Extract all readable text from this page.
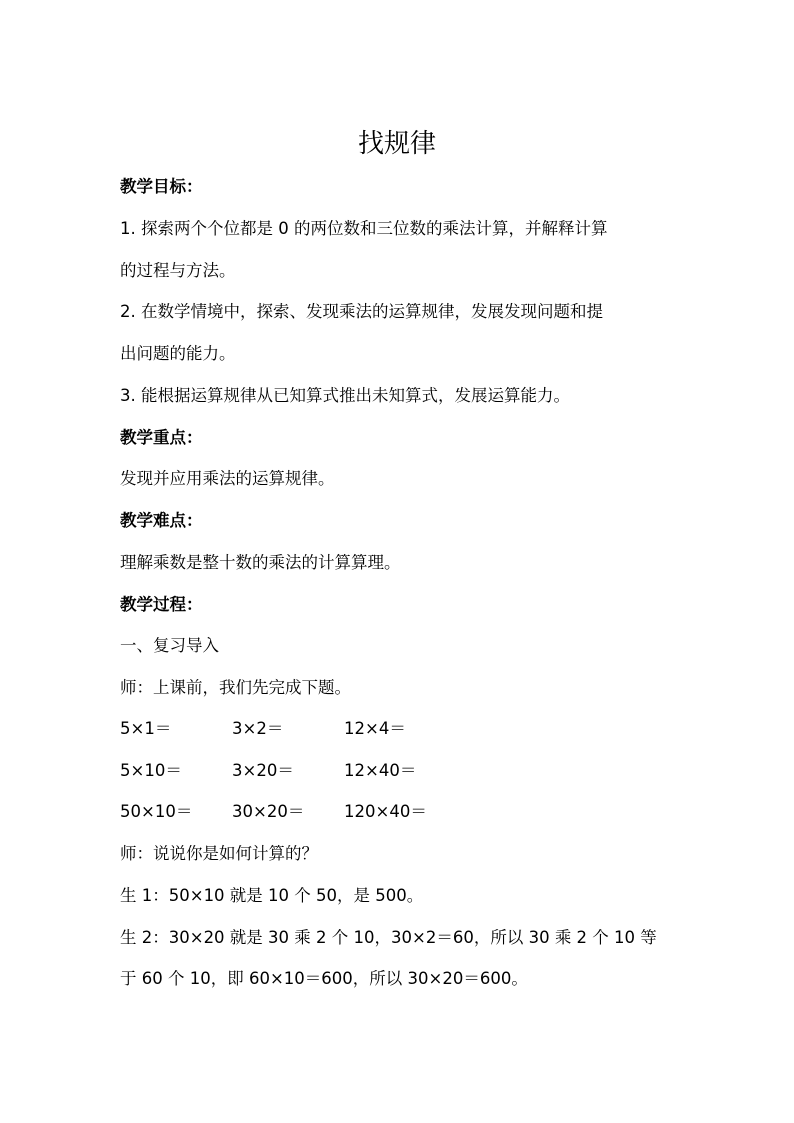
找规律
教学目标：
1. 探索两个个位都是 0 的两位数和三位数的乘法计算，并解释计算
的过程与方法。
2. 在数学情境中，探索、发现乘法的运算规律，发展发现问题和提
出问题的能力。
3. 能根据运算规律从已知算式推出未知算式，发展运算能力。
教学重点：
发现并应用乘法的运算规律。
教学难点：
理解乘数是整十数的乘法的计算算理。
教学过程：
一、复习导入
师：上课前，我们先完成下题。
5×1＝	3×2＝	12×4＝
5×10＝	3×20＝	12×40＝
50×10＝ 30×20＝ 120×40＝
师：说说你是如何计算的？
生 1：50×10 就是 10 个 50，是 500。
生 2：30×20 就是 30 乘 2 个 10，30×2＝60，所以 30 乘 2 个 10 等
于 60 个 10，即 60×10＝600，所以 30×20＝600。
